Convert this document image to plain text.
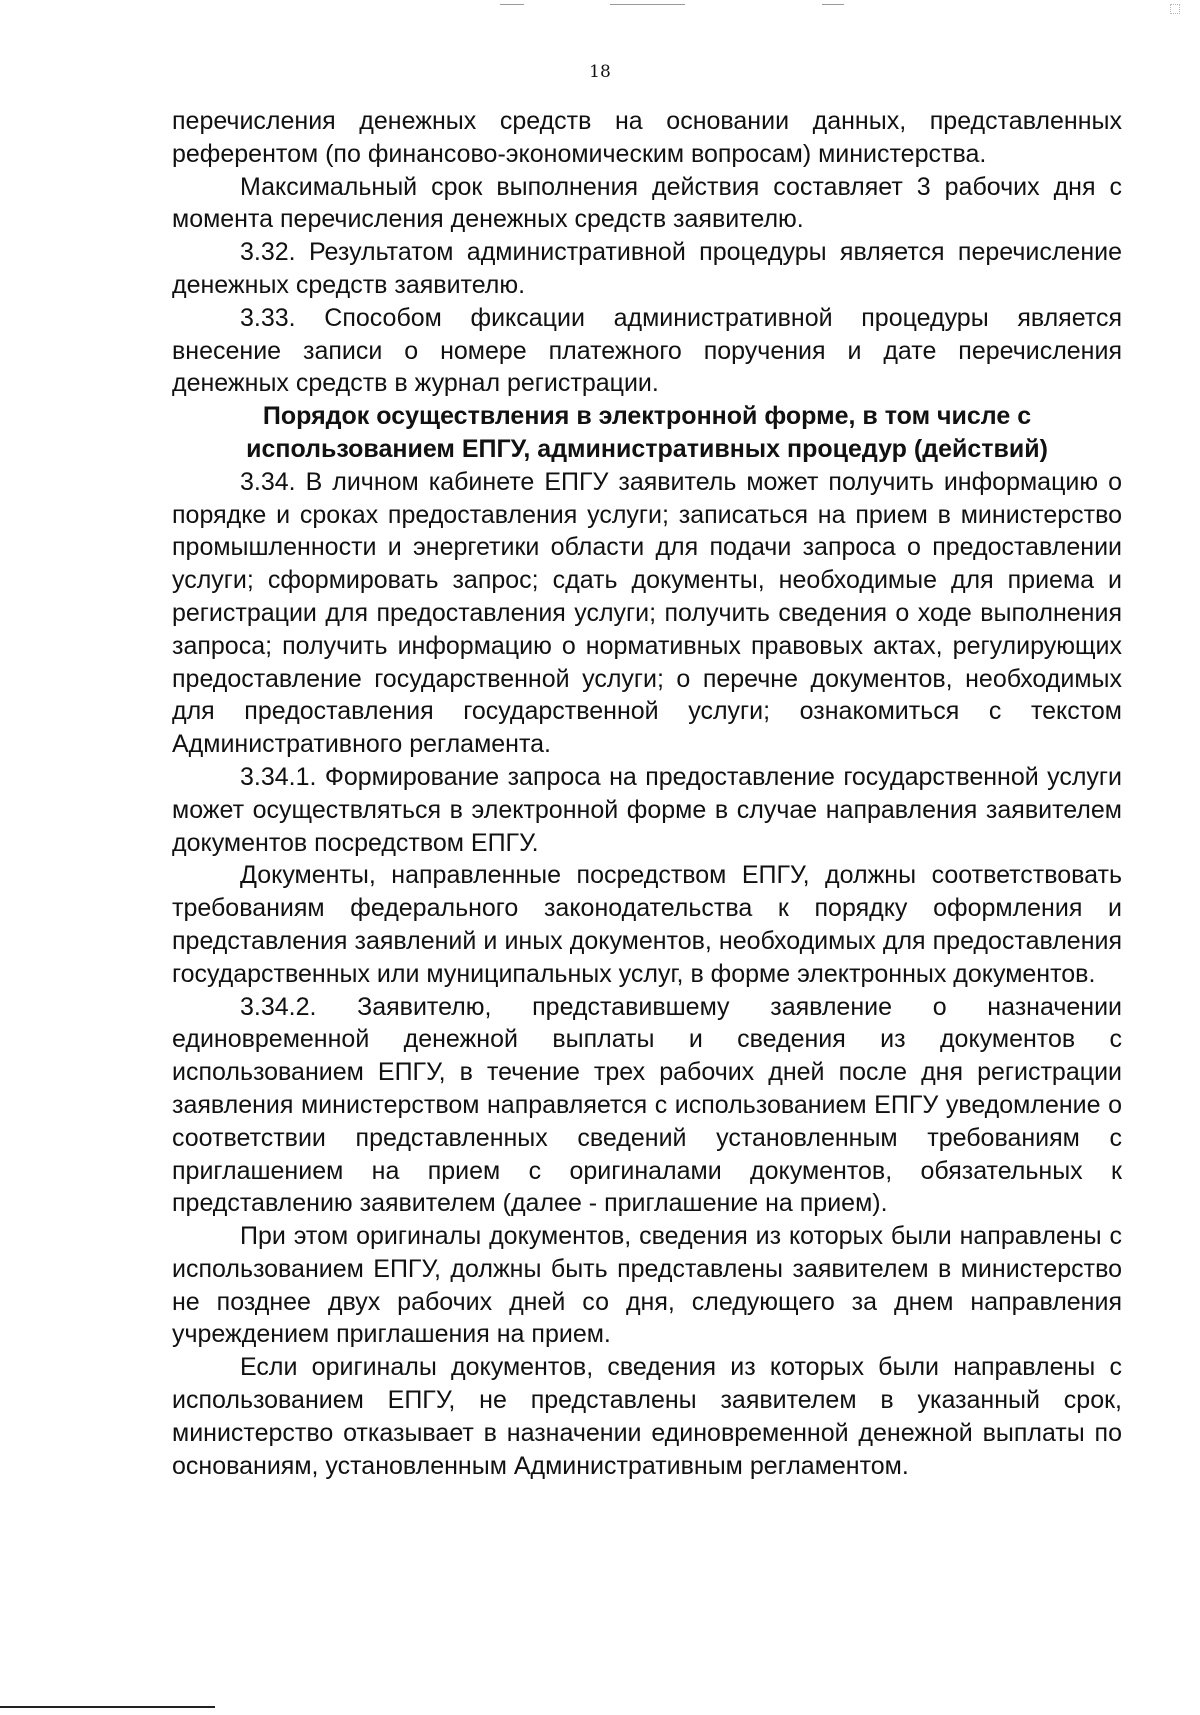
18

перечисления денежных средств на основании данных, представленных референтом (по финансово-экономическим вопросам) министерства.

Максимальный срок выполнения действия составляет 3 рабочих дня с момента перечисления денежных средств заявителю.

3.32. Результатом административной процедуры является перечисление денежных средств заявителю.

3.33. Способом фиксации административной процедуры является внесение записи о номере платежного поручения и дате перечисления денежных средств в журнал регистрации.

Порядок осуществления в электронной форме, в том числе с использованием ЕПГУ, административных процедур (действий)

3.34. В личном кабинете ЕПГУ заявитель может получить информацию о порядке и сроках предоставления услуги; записаться на прием в министерство промышленности и энергетики области для подачи запроса о предоставлении услуги; сформировать запрос; сдать документы, необходимые для приема и регистрации для предоставления услуги; получить сведения о ходе выполнения запроса; получить информацию о нормативных правовых актах, регулирующих предоставление государственной услуги; о перечне документов, необходимых для предоставления государственной услуги; ознакомиться с текстом Административного регламента.

3.34.1. Формирование запроса на предоставление государственной услуги может осуществляться в электронной форме в случае направления заявителем документов посредством ЕПГУ.

Документы, направленные посредством ЕПГУ, должны соответствовать требованиям федерального законодательства к порядку оформления и представления заявлений и иных документов, необходимых для предоставления государственных или муниципальных услуг, в форме электронных документов.

3.34.2. Заявителю, представившему заявление о назначении единовременной денежной выплаты и сведения из документов с использованием ЕПГУ, в течение трех рабочих дней после дня регистрации заявления министерством направляется с использованием ЕПГУ уведомление о соответствии представленных сведений установленным требованиям с приглашением на прием с оригиналами документов, обязательных к представлению заявителем (далее - приглашение на прием).

При этом оригиналы документов, сведения из которых были направлены с использованием ЕПГУ, должны быть представлены заявителем в министерство не позднее двух рабочих дней со дня, следующего за днем направления учреждением приглашения на прием.

Если оригиналы документов, сведения из которых были направлены с использованием ЕПГУ, не представлены заявителем в указанный срок, министерство отказывает в назначении единовременной денежной выплаты по основаниям, установленным Административным регламентом.
